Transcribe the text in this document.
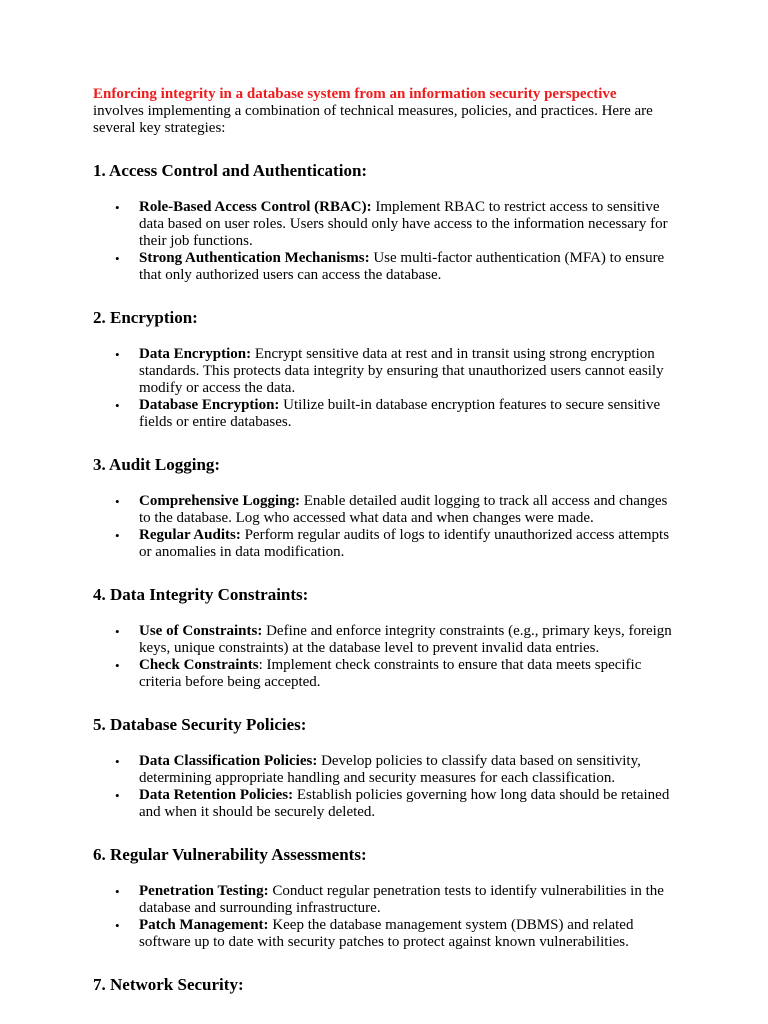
Enforcing integrity in a database system from an information security perspective
involves implementing a combination of technical measures, policies, and practices. Here are several key strategies:

1. Access Control and Authentication:
• Role-Based Access Control (RBAC): Implement RBAC to restrict access to sensitive data based on user roles. Users should only have access to the information necessary for their job functions.
• Strong Authentication Mechanisms: Use multi-factor authentication (MFA) to ensure that only authorized users can access the database.
2. Encryption:
• Data Encryption: Encrypt sensitive data at rest and in transit using strong encryption standards. This protects data integrity by ensuring that unauthorized users cannot easily modify or access the data.
• Database Encryption: Utilize built-in database encryption features to secure sensitive fields or entire databases.
3. Audit Logging:
• Comprehensive Logging: Enable detailed audit logging to track all access and changes to the database. Log who accessed what data and when changes were made.
• Regular Audits: Perform regular audits of logs to identify unauthorized access attempts or anomalies in data modification.
4. Data Integrity Constraints:
• Use of Constraints: Define and enforce integrity constraints (e.g., primary keys, foreign keys, unique constraints) at the database level to prevent invalid data entries.
• Check Constraints: Implement check constraints to ensure that data meets specific criteria before being accepted.
5. Database Security Policies:
• Data Classification Policies: Develop policies to classify data based on sensitivity, determining appropriate handling and security measures for each classification.
• Data Retention Policies: Establish policies governing how long data should be retained and when it should be securely deleted.
6. Regular Vulnerability Assessments:
• Penetration Testing: Conduct regular penetration tests to identify vulnerabilities in the database and surrounding infrastructure.
• Patch Management: Keep the database management system (DBMS) and related software up to date with security patches to protect against known vulnerabilities.
7. Network Security:
